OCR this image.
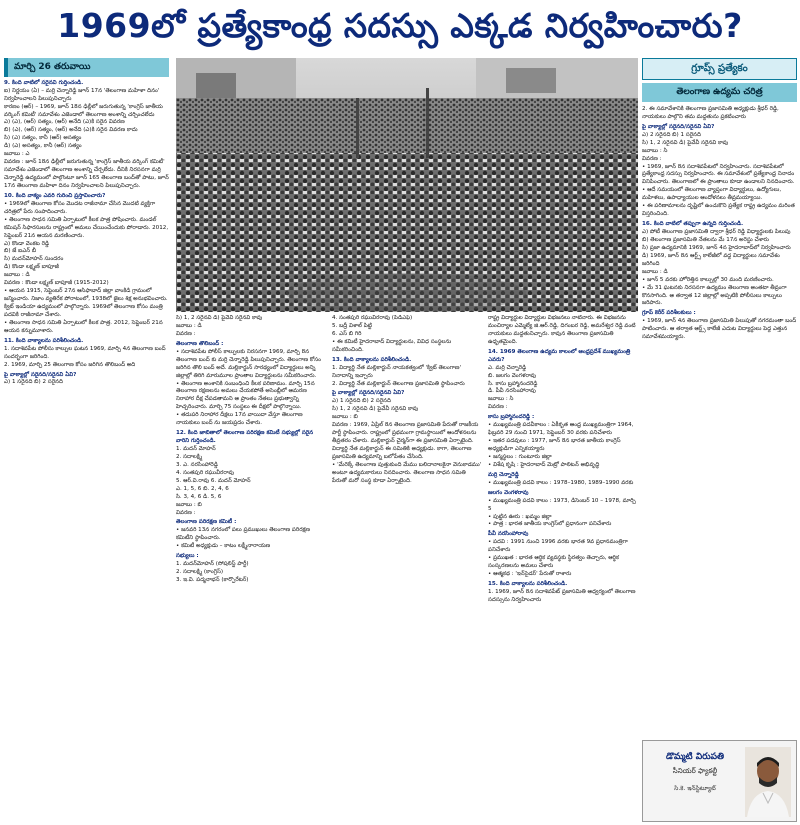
1969లో ప్రత్యేకాంధ్ర సదస్సు ఎక్కడ నిర్వహించారు?
మార్చి 26 తరువాయి
9. కింది వాటిలో సరైనవి గుర్తించండి.
ఐ) నిర్ణయం (ఏ) – మర్రి చెన్నారెడ్డి జూన్ 17న 'తెలంగాణ మహిళా దినం' నిర్వహించాలని పిలుపునిచ్చారు
కారణం (ఆర్) – 1969, జూన్ 18న ఢిల్లీలో జరుగుతున్న 'కాంగ్రెస్ జాతీయ వర్కింగ్ కమిటీ' సమావేశం ఎజెండాలో తెలంగాణ అంశాన్ని చర్చించలేదు
ఎ) (ఎ), (ఆర్) సత్యం, (ఆర్) అనేది (ఎ)కి సరైన వివరణ
బి) (ఎ), (ఆర్) సత్యం, (ఆర్) అనేది (ఎ)కి సరైన వివరణ కాదు
సి) (ఎ) సత్యం, కానీ (ఆర్) అసత్యం
డి) (ఎ) అసత్యం, కానీ (ఆర్) సత్యం
జవాబు : ఎ
వివరణ : జూన్ 18న ఢిల్లీలో జరుగుతున్న 'కాంగ్రెస్ జాతీయ వర్కింగ్ కమిటీ' సమావేశం ఎజెండాలో తెలంగాణ అంశాన్ని చేర్చలేదు. దీనికి నిరసనగా మర్రి చెన్నారెడ్డి ఉద్యమంలో పాల్గొంటూ జూన్ 165 తెలంగాణ బంద్‌తో పాటు, జూన్ 17న తెలంగాణ మహిళా దినం నిర్వహించాలని పిలుపునిచ్చారు.
10. కింది వాక్యం ఎవరి గురించి ప్రస్తావించారు?
• 1969లో తెలంగాణ కోసం మొదట రాజీనామా చేసిన మొదటి వ్యక్తిగా చరిత్రలో పేరు సంపాదించారు.
• తెలంగాణ సాధన సమితి ఏర్పాటులో కీలక పాత్ర పోషించారు. మండల్ కమిషన్ సిఫారసులను రాష్ట్రంలో అమలు చేయించేందుకు పోరాడారు. 2012, సెప్టెంబర్ 21న ఆయన మరణించారు.
ఎ) కొండా వెంకట రెడ్డి
బి) జే ఐఎన్ బీ
సి) మదన్‌మోహన్ సుందరం
డి) కొండా లక్ష్మణ్ బాపూజీ
జవాబు : డి
వివరణ : కొండా లక్ష్మణ్ బాపూజీ (1915-2012)
• ఆయన 1915, సెప్టెంబర్ 27న ఆసిఫాబాద్ జిల్లా వాంకిడి గ్రామంలో జన్మించారు. నిజాం వ్యతిరేక పోరాటంలో, 1938లో జైలు శిక్ష అనుభవించారు. క్విట్ ఇండియా ఉద్యమంలో పాల్గొన్నారు. 1969లో తెలంగాణ కోసం మంత్రి పదవికి రాజీనామా చేశారు.
• తెలంగాణ సాధన సమితి ఏర్పాటులో కీలక పాత్ర. 2012, సెప్టెంబర్ 21న ఆయన కన్నుమూశారు.
11. కింది వాక్యాలను పరిశీలించండి.
1. సదాశివపేట పోలీసు కాల్పుల ఘటన 1969, మార్చి 4న తెలంగాణ బంద్ సందర్భంగా జరిగింది.
2. 1969, మార్చి 25 తెలంగాణ కోసం జరిగిన తొలిబంద్ అది
పై వాక్యాల్లో సరైనది/సరైనవి ఏవి?
ఎ) 1 సరైనది బి) 2 సరైనది
సి) 1, 2 సరైనవి డి) పైవేవీ సరైనవి కావు
జవాబు : డి
వివరణ :
తెలంగాణ తొలిబంద్ :
• సదాశివపేట పోలీస్ కాల్పులకు నిరసనగా 1969, మార్చి 8న తెలంగాణ బంద్ కు మర్రి చెన్నారెడ్డి పిలుపునిచ్చారు. తెలంగాణ కోసం జరిగిన తొలి బంద్ అదే. మల్లికార్జున్ సారథ్యంలో విద్యార్థులు అన్ని జిల్లాల్లో తిరిగి మారుమూల ప్రాంతాల విద్యార్థులను సమీకరించారు.
• తెలంగాణ అంశానికి సంబంధించి కీలక పరిణామం. మార్చి 15న తెలంగాణ రక్షణలను అమలు చేయకపోతే అసెంబ్లీలో ఆమరణ నిరాహార దీక్ష చేపడతామని ఆ ప్రాంతం నేతలు ప్రభుత్వాన్ని హెచ్చరించారు. మార్చి 75 సంస్థలు ఈ దీక్షలో పాల్గొన్నాయి.
• తదుపరి నిరాహార దీక్షలు 17న వాయిదా వేస్తూ తెలంగాణ నాయకులు బంద్ ను జయప్రదం చేశారు.
12. కింది జాబితాలో తెలంగాణ పరిరక్షణ కమిటీ సభ్యుల్లో సరైన వారిని గుర్తించండి.
1. మదన్ మోహన్
2. సదాలక్ష్మి
3. ఎ. నరసింహారెడ్డి
4. సంతపురి రఘువీరరావు
5. ఆర్.వి.రావు 6. మదన్ మోహన్
ఎ. 1, 5, 6 బి. 2, 4, 6
సి. 3, 4, 6 డి. 5, 6
జవాబు : బి
వివరణ :
తెలంగాణ పరిరక్షణ కమిటీ :
• జనవరి 13న నగరంలో పలు ప్రముఖులు తెలంగాణ పరిరక్షణ కమిటీని స్థాపించారు.
• కమిటీ అధ్యక్షుడు – కాటం లక్ష్మీనారాయణ
సభ్యులు :
1. మదన్‌మోహన్ (సోషలిస్ట్ పార్టీ)
2. సదాలక్ష్మి (కాంగ్రెస్)
3. ఇ.వి. పద్మనాభన్ (కార్పొరేటర్)
4. సంతపురి రఘువీరరావు (పీడీఎఫ్)
5. బద్రీ విశాల్ పిట్టి
6. ఎస్ బి గిరి
• ఈ కమిటీ హైదరాబాద్ విద్యార్థులను, వివిధ సంస్థలను సమీకరించింది.
13. కింది వాక్యాలను పరిశీలించండి.
1. విద్యార్థి నేత మల్లికార్జున్ నాయకత్వంలో 'క్విట్ తెలంగాణ' నినాదాన్ని ఇచ్చారు
2. విద్యార్థి నేత మల్లికార్జున్ తెలంగాణ ప్రజాసమితి స్థాపించారు
పై వాక్యాల్లో సరైనది/సరైనవి ఏవి?
ఎ) 1 సరైనది బి) 2 సరైనది
సి) 1, 2 సరైనవి డి) పైవేవీ సరైనవి కావు
జవాబు : బి
వివరణ : 1969, ఏప్రిల్ 8న తెలంగాణ ప్రజాసమితి పేరుతో రాజకీయ పార్టీ స్థాపించారు. రాష్ట్రంలో ప్రథమంగా గ్రామస్థాయిలో ఆందోళనలను తీవ్రతరం చేశారు. మల్లికార్జున్ చైర్మన్‌గా ఈ ప్రజాసమితి ఏర్పాటైంది. విద్యార్థి నేత మల్లికార్జున్ ఈ సమితికి అధ్యక్షుడు. కాగా, తెలంగాణ ప్రజాసమితి ఉద్యమాన్ని బలోపేతం చేసింది.
• 'మేరెక్కే తెలంగాణ పుత్తుకుంది మేము బలిదానాలకైనా వెనుకాడము' అంటూ ఉద్యమకారులు నినదించారు. తెలంగాణ సాధన సమితి పేరుతో మరో సంస్థ కూడా ఏర్పాటైంది.
రాష్ట్ర విద్యార్థుల విద్యార్థుల విభజనలు నాటినారు. ఈ విభజనను మంచిర్యాల ఎమ్మెల్యే జి.ఆర్.రెడ్డి, దిగంబర రెడ్డి, అమరేశ్వర రెడ్డి వంటి నాయకులు మద్దతునిచ్చారు. కావున తెలంగాణ ప్రజాసమితి ఉధృతమైంది.
14. 1969 తెలంగాణ ఉద్యమ కాలంలో ఆంధ్రప్రదేశ్ ముఖ్యమంత్రి ఎవరు?
ఎ. మర్రి చెన్నారెడ్డి
బి. జలగం వెంగళరావు
సి. కాసు బ్రహ్మానందరెడ్డి
డి. పీవీ నరసింహారావు
జవాబు : సి
వివరణ :
కాసు బ్రహ్మానందరెడ్డి :
• ముఖ్యమంత్రి పదవీకాలం : ఏకీకృత ఆంధ్ర ముఖ్యమంత్రిగా 1964, ఫిబ్రవరి 29 నుంచి 1971, సెప్టెంబర్ 30 వరకు పనిచేశారు
• ఇతర పదవులు : 1977, జూన్ 8న భారత జాతీయ కాంగ్రెస్ అధ్యక్షుడిగా ఎన్నికయ్యారు
• జన్మస్థలం : గుంటూరు జిల్లా
• విశేష కృషి : హైదరాబాద్ మెట్రో పాలిటన్ అభివృద్ధి
మర్రి చెన్నారెడ్డి
• ముఖ్యమంత్రి పదవి కాలం : 1978–1980, 1989–1990 వరకు
జలగం వెంగళరావు
• ముఖ్యమంత్రి పదవి కాలం : 1973, డిసెంబర్ 10 – 1978, మార్చి 5
• పుట్టిన ఊరు : ఖమ్మం జిల్లా
• పాత్ర : భారత జాతీయ కాంగ్రెస్‌లో ప్రధానంగా పనిచేశారు
పీవీ నరసింహారావు
• పదవి : 1991 నుంచి 1996 వరకు భారత 9వ ప్రధానమంత్రిగా పనిచేశారు
• ప్రముఖత : భారత ఆర్థిక వ్యవస్థకు స్థిరత్వం తెచ్చారు, ఆర్థిక సంస్కరణలను అమలు చేశారు
• ఆత్మకథ : 'ఇన్‌సైడర్' పేరుతో రాశారు
15. కింది వాక్యాలను పరిశీలించండి.
1. 1969, జూన్ 8న సదాశివపేట్ ప్రజాసమితి ఆధ్వర్యంలో తెలంగాణ సదస్సును నిర్వహించారు
గ్రూప్స్ ప్రత్యేకం
తెలంగాణ ఉద్యమ చరిత్ర
2. ఈ సమావేశానికి తెలంగాణ ప్రజాసమితి అధ్యక్షుడు శ్రీధర్ రెడ్డి, నాయకులు పాల్గొని తమ మద్దతును ప్రకటించారు
పై వాక్యాల్లో సరైనది/సరైనవి ఏవి?
ఎ) 2 సరైనది బి) 1 సరైనది
సి) 1, 2 సరైనవి డి) పైవేవీ సరైనవి కావు
జవాబు : సి
వివరణ :
• 1969, జూన్ 8న సదాశివపేటలో నిర్వహించారు. సదాశివపేటలో ప్రత్యేకాంధ్ర సదస్సు నిర్వహించారు. ఈ సమావేశంలో ప్రత్యేకాంధ్ర నినాదం వినిపించారు. తెలంగాణలో ఈ ప్రాంతాలు కూడా ఉండాలని నినదించారు.
• ఆదే సమయంలో తెలంగాణ వ్యాప్తంగా విద్యార్థులు, ఉద్యోగులు, మహిళలు, ఉపాధ్యాయుల ఆందోళనలు తీవ్రమయ్యాయి.
• ఈ పరిణామాలను దృష్టిలో ఉంచుకొని ప్రత్యేక రాష్ట్ర ఉద్యమం మరింత విస్తరించింది.
16. కింది వాటిలో తప్పుగా ఉన్నది గుర్తించండి.
ఎ) పోటీ తెలంగాణ ప్రజాసమితి ద్వారా శ్రీధర్ రెడ్డి విధ్యార్థులకు పిలుపు
బి) తెలంగాణ ప్రజాసమితి నేతలను మే 17న అరెస్టు చేశారు
సి) ప్రజా ఉద్యమానికి 1969, జూన్ 4న హైదరాబాద్‌లో నిర్వహించారు
డి) 1969, జూన్ 8న ఆర్ట్స్ కాలేజీలో వద్ద విద్యార్థులు సమావేశం జరిగింది
జవాబు : డి
• జూన్ 5 వరకు హోరెత్తిన కాల్పుల్లో 30 మంది మరణించారు.
• మే 31 ఘటనకు నిరసనగా ఉద్యమం తెలంగాణ అంతటా తీవ్రంగా కొనసాగింది. ఆ తర్వాత 12 జిల్లాల్లో అప్పటికి పోలీసులు కాల్పులు జరిపారు.
గ్రూప్ కెరీర్ పరిశీలకులు :
• 1969, జూన్ 4న తెలంగాణ ప్రజాసమితి పిలుపుతో నగరమంతా బంద్ పాటించారు. ఆ తర్వాత ఆర్ట్స్ కాలేజీ ఎదుట విద్యార్థులు పెద్ద ఎత్తున సమావేశమయ్యారు.
డొమ్మటి విరుపతి
సీనియర్ ఫ్యాకల్టీ
సి.కె. ఇన్‌స్టిట్యూట్
